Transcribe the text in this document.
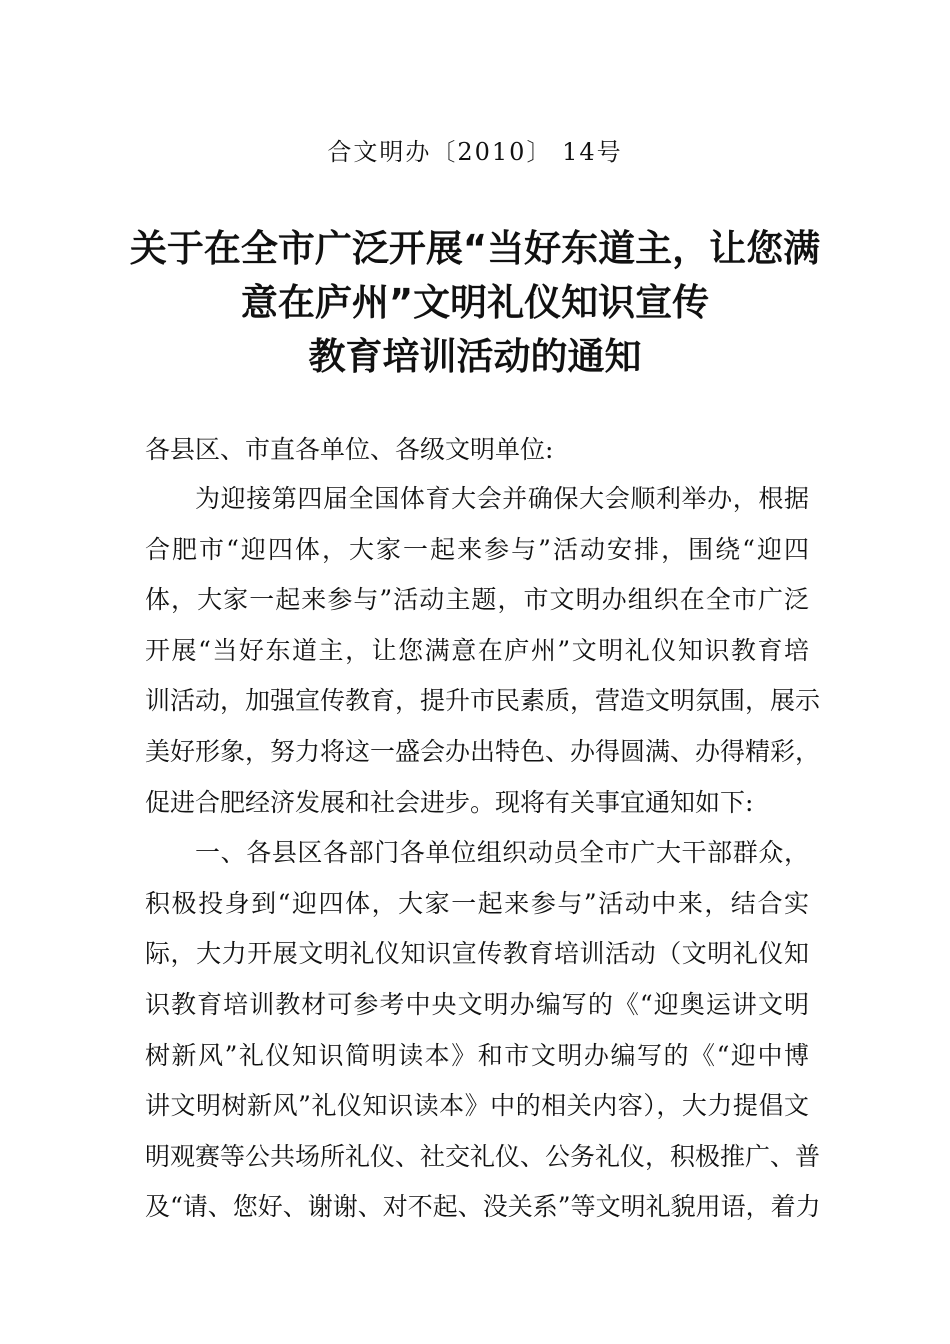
合文明办〔2010〕 14号
关于在全市广泛开展“当好东道主，让您满
意在庐州”文明礼仪知识宣传
教育培训活动的通知
各县区、市直各单位、各级文明单位:
为迎接第四届全国体育大会并确保大会顺利举办，根据
合肥市“迎四体，大家一起来参与”活动安排，围绕“迎四
体，大家一起来参与”活动主题，市文明办组织在全市广泛
开展“当好东道主，让您满意在庐州”文明礼仪知识教育培
训活动，加强宣传教育，提升市民素质，营造文明氛围，展示
美好形象，努力将这一盛会办出特色、办得圆满、办得精彩，
促进合肥经济发展和社会进步。现将有关事宜通知如下:
一、各县区各部门各单位组织动员全市广大干部群众，
积极投身到“迎四体，大家一起来参与”活动中来，结合实
际，大力开展文明礼仪知识宣传教育培训活动（文明礼仪知
识教育培训教材可参考中央文明办编写的《“迎奥运讲文明
树新风”礼仪知识简明读本》和市文明办编写的《“迎中博
讲文明树新风”礼仪知识读本》中的相关内容），大力提倡文
明观赛等公共场所礼仪、社交礼仪、公务礼仪，积极推广、普
及“请、您好、谢谢、对不起、没关系”等文明礼貌用语，着力
